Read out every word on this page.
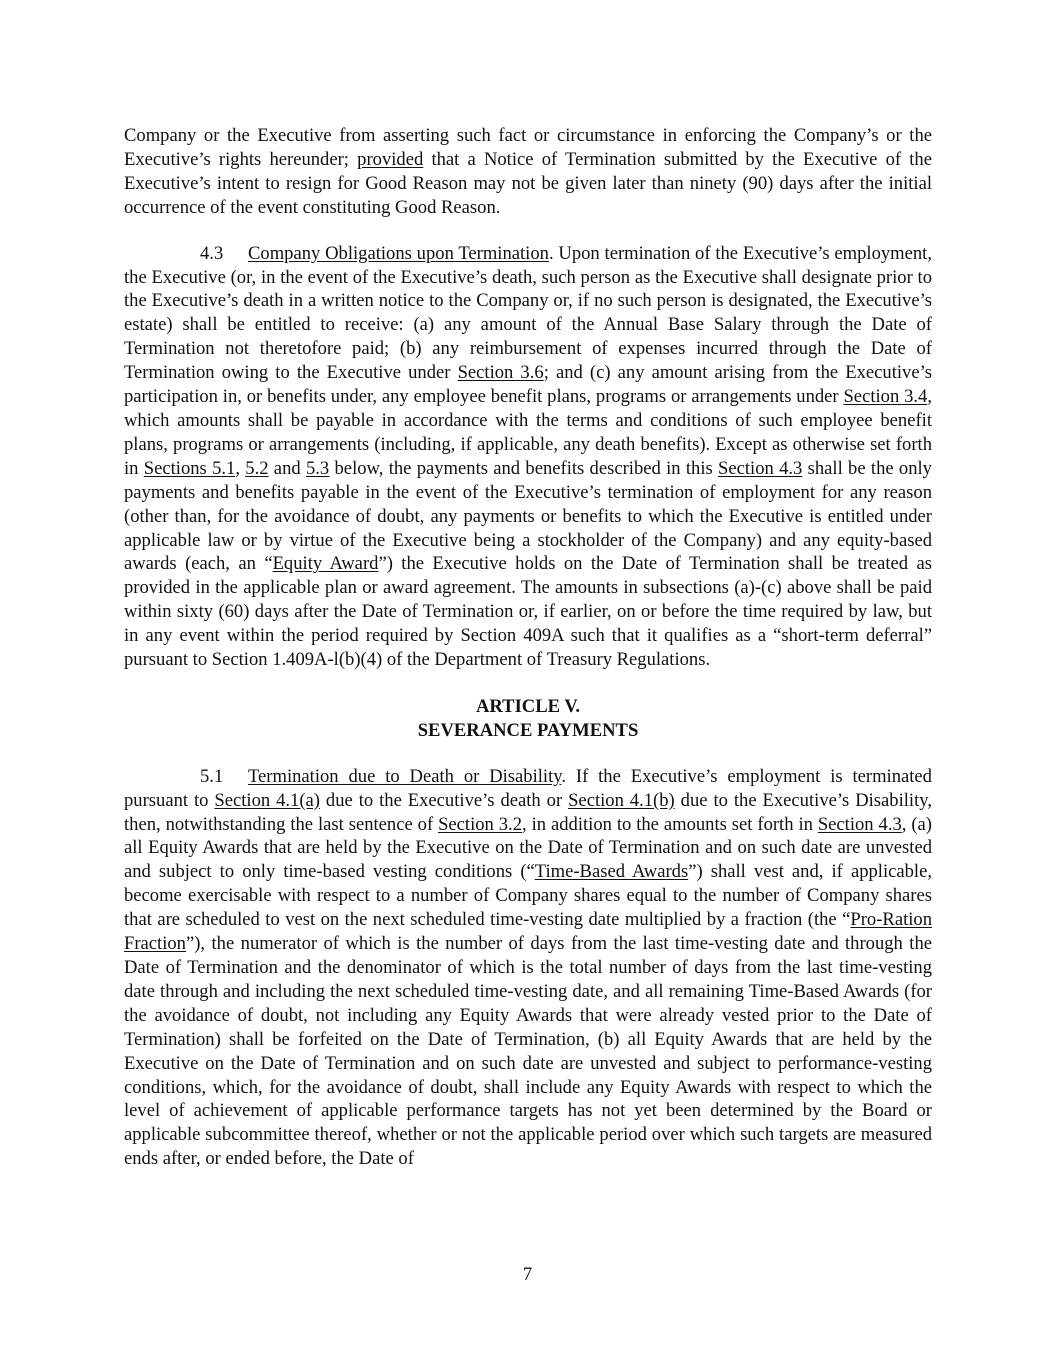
Company or the Executive from asserting such fact or circumstance in enforcing the Company’s or the Executive’s rights hereunder; provided that a Notice of Termination submitted by the Executive of the Executive’s intent to resign for Good Reason may not be given later than ninety (90) days after the initial occurrence of the event constituting Good Reason.

4.3 Company Obligations upon Termination. Upon termination of the Executive’s employment, the Executive (or, in the event of the Executive’s death, such person as the Executive shall designate prior to the Executive’s death in a written notice to the Company or, if no such person is designated, the Executive’s estate) shall be entitled to receive: (a) any amount of the Annual Base Salary through the Date of Termination not theretofore paid; (b) any reimbursement of expenses incurred through the Date of Termination owing to the Executive under Section 3.6; and (c) any amount arising from the Executive’s participation in, or benefits under, any employee benefit plans, programs or arrangements under Section 3.4, which amounts shall be payable in accordance with the terms and conditions of such employee benefit plans, programs or arrangements (including, if applicable, any death benefits). Except as otherwise set forth in Sections 5.1, 5.2 and 5.3 below, the payments and benefits described in this Section 4.3 shall be the only payments and benefits payable in the event of the Executive’s termination of employment for any reason (other than, for the avoidance of doubt, any payments or benefits to which the Executive is entitled under applicable law or by virtue of the Executive being a stockholder of the Company) and any equity-based awards (each, an “Equity Award”) the Executive holds on the Date of Termination shall be treated as provided in the applicable plan or award agreement. The amounts in subsections (a)-(c) above shall be paid within sixty (60) days after the Date of Termination or, if earlier, on or before the time required by law, but in any event within the period required by Section 409A such that it qualifies as a “short-term deferral” pursuant to Section 1.409A-l(b)(4) of the Department of Treasury Regulations.

ARTICLE V.

SEVERANCE PAYMENTS

5.1 Termination due to Death or Disability. If the Executive’s employment is terminated pursuant to Section 4.1(a) due to the Executive’s death or Section 4.1(b) due to the Executive’s Disability, then, notwithstanding the last sentence of Section 3.2, in addition to the amounts set forth in Section 4.3, (a) all Equity Awards that are held by the Executive on the Date of Termination and on such date are unvested and subject to only time-based vesting conditions (“Time-Based Awards”) shall vest and, if applicable, become exercisable with respect to a number of Company shares equal to the number of Company shares that are scheduled to vest on the next scheduled time-vesting date multiplied by a fraction (the “Pro-Ration Fraction”), the numerator of which is the number of days from the last time-vesting date and through the Date of Termination and the denominator of which is the total number of days from the last time-vesting date through and including the next scheduled time-vesting date, and all remaining Time-Based Awards (for the avoidance of doubt, not including any Equity Awards that were already vested prior to the Date of Termination) shall be forfeited on the Date of Termination, (b) all Equity Awards that are held by the Executive on the Date of Termination and on such date are unvested and subject to performance-vesting conditions, which, for the avoidance of doubt, shall include any Equity Awards with respect to which the level of achievement of applicable performance targets has not yet been determined by the Board or applicable subcommittee thereof, whether or not the applicable period over which such targets are measured ends after, or ended before, the Date of

7
